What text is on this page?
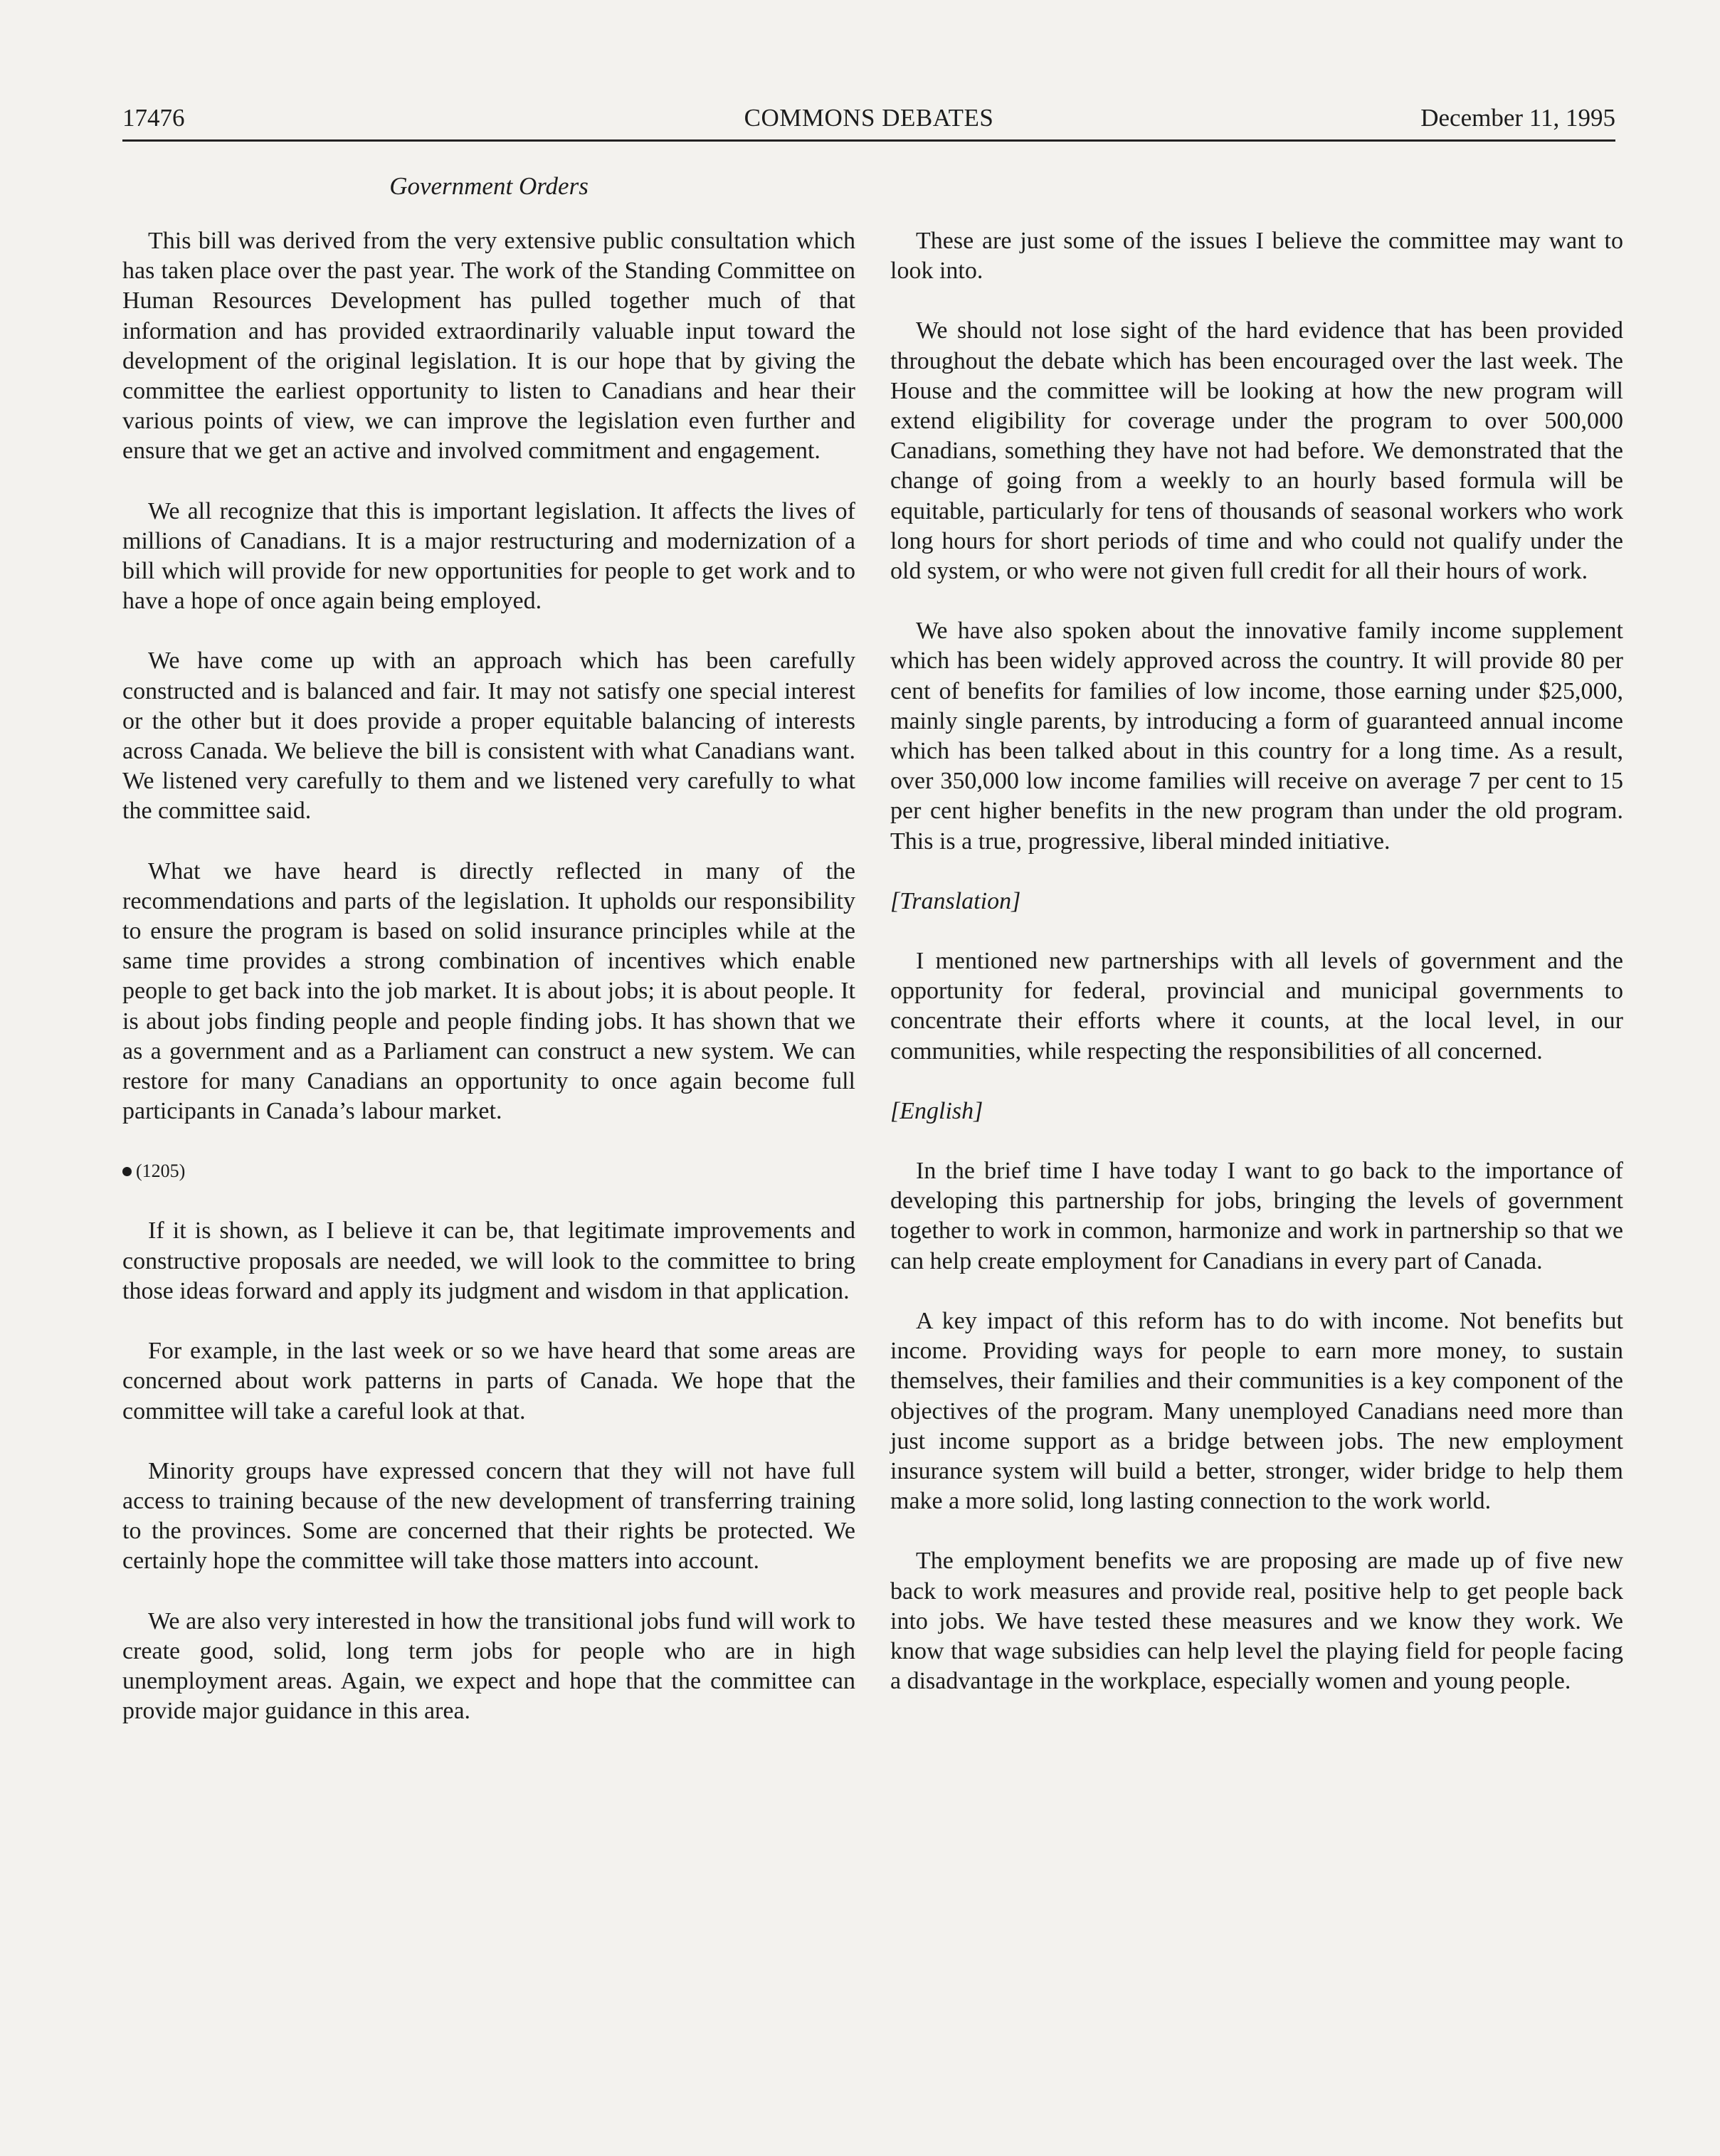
17476	COMMONS DEBATES	December 11, 1995
Government Orders

This bill was derived from the very extensive public consultation which has taken place over the past year. The work of the Standing Committee on Human Resources Development has pulled together much of that information and has provided extraordinarily valuable input toward the development of the original legislation. It is our hope that by giving the committee the earliest opportunity to listen to Canadians and hear their various points of view, we can improve the legislation even further and ensure that we get an active and involved commitment and engagement.

We all recognize that this is important legislation. It affects the lives of millions of Canadians. It is a major restructuring and modernization of a bill which will provide for new opportunities for people to get work and to have a hope of once again being employed.

We have come up with an approach which has been carefully constructed and is balanced and fair. It may not satisfy one special interest or the other but it does provide a proper equitable balancing of interests across Canada. We believe the bill is consistent with what Canadians want. We listened very carefully to them and we listened very carefully to what the committee said.

What we have heard is directly reflected in many of the recommendations and parts of the legislation. It upholds our responsibility to ensure the program is based on solid insurance principles while at the same time provides a strong combination of incentives which enable people to get back into the job market. It is about jobs; it is about people. It is about jobs finding people and people finding jobs. It has shown that we as a government and as a Parliament can construct a new system. We can restore for many Canadians an opportunity to once again become full participants in Canada’s labour market.

(1205)

If it is shown, as I believe it can be, that legitimate improvements and constructive proposals are needed, we will look to the committee to bring those ideas forward and apply its judgment and wisdom in that application.

For example, in the last week or so we have heard that some areas are concerned about work patterns in parts of Canada. We hope that the committee will take a careful look at that.

Minority groups have expressed concern that they will not have full access to training because of the new development of transferring training to the provinces. Some are concerned that their rights be protected. We certainly hope the committee will take those matters into account.

We are also very interested in how the transitional jobs fund will work to create good, solid, long term jobs for people who are in high unemployment areas. Again, we expect and hope that the committee can provide major guidance in this area.

These are just some of the issues I believe the committee may want to look into.

We should not lose sight of the hard evidence that has been provided throughout the debate which has been encouraged over the last week. The House and the committee will be looking at how the new program will extend eligibility for coverage under the program to over 500,000 Canadians, something they have not had before. We demonstrated that the change of going from a weekly to an hourly based formula will be equitable, particularly for tens of thousands of seasonal workers who work long hours for short periods of time and who could not qualify under the old system, or who were not given full credit for all their hours of work.

We have also spoken about the innovative family income supplement which has been widely approved across the country. It will provide 80 per cent of benefits for families of low income, those earning under $25,000, mainly single parents, by introducing a form of guaranteed annual income which has been talked about in this country for a long time. As a result, over 350,000 low income families will receive on average 7 per cent to 15 per cent higher benefits in the new program than under the old program. This is a true, progressive, liberal minded initiative.

[Translation]

I mentioned new partnerships with all levels of government and the opportunity for federal, provincial and municipal governments to concentrate their efforts where it counts, at the local level, in our communities, while respecting the responsibilities of all concerned.

[English]

In the brief time I have today I want to go back to the importance of developing this partnership for jobs, bringing the levels of government together to work in common, harmonize and work in partnership so that we can help create employment for Canadians in every part of Canada.

A key impact of this reform has to do with income. Not benefits but income. Providing ways for people to earn more money, to sustain themselves, their families and their communities is a key component of the objectives of the program. Many unemployed Canadians need more than just income support as a bridge between jobs. The new employment insurance system will build a better, stronger, wider bridge to help them make a more solid, long lasting connection to the work world.

The employment benefits we are proposing are made up of five new back to work measures and provide real, positive help to get people back into jobs. We have tested these measures and we know they work. We know that wage subsidies can help level the playing field for people facing a disadvantage in the workplace, especially women and young people.
